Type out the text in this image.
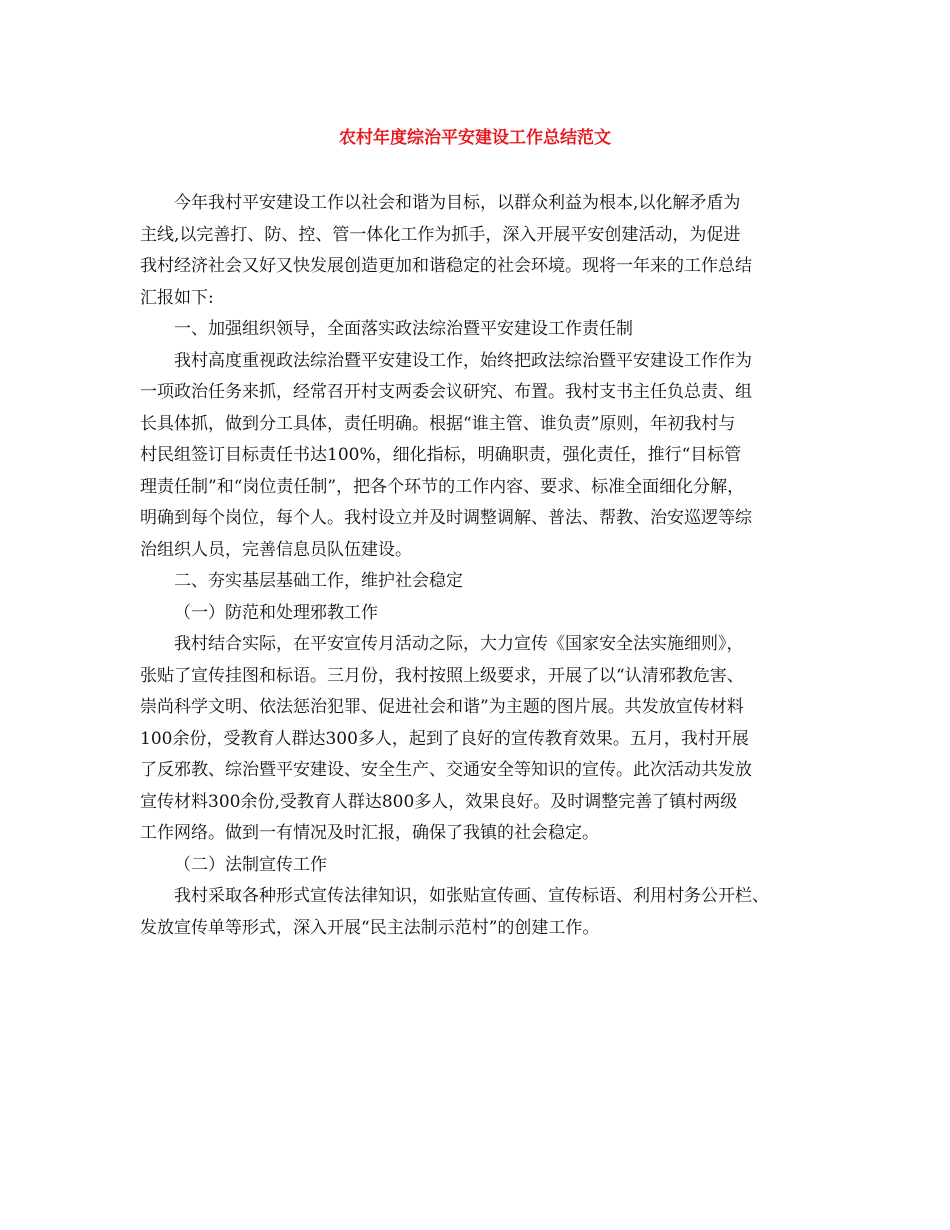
农村年度综治平安建设工作总结范文
今年我村平安建设工作以社会和谐为目标，以群众利益为根本,以化解矛盾为
主线,以完善打、防、控、管一体化工作为抓手，深入开展平安创建活动，为促进
我村经济社会又好又快发展创造更加和谐稳定的社会环境。现将一年来的工作总结
汇报如下:
一、加强组织领导，全面落实政法综治暨平安建设工作责任制
我村高度重视政法综治暨平安建设工作，始终把政法综治暨平安建设工作作为
一项政治任务来抓，经常召开村支两委会议研究、布置。我村支书主任负总责、组
长具体抓，做到分工具体，责任明确。根据“谁主管、谁负责”原则，年初我村与
村民组签订目标责任书达100%，细化指标，明确职责，强化责任，推行“目标管
理责任制”和“岗位责任制”，把各个环节的工作内容、要求、标准全面细化分解，
明确到每个岗位，每个人。我村设立并及时调整调解、普法、帮教、治安巡逻等综
治组织人员，完善信息员队伍建设。
二、夯实基层基础工作，维护社会稳定
（一）防范和处理邪教工作
我村结合实际，在平安宣传月活动之际，大力宣传《国家安全法实施细则》，
张贴了宣传挂图和标语。三月份，我村按照上级要求，开展了以“认清邪教危害、
崇尚科学文明、依法惩治犯罪、促进社会和谐”为主题的图片展。共发放宣传材料
100余份，受教育人群达300多人，起到了良好的宣传教育效果。五月，我村开展
了反邪教、综治暨平安建设、安全生产、交通安全等知识的宣传。此次活动共发放
宣传材料300余份,受教育人群达800多人，效果良好。及时调整完善了镇村两级
工作网络。做到一有情况及时汇报，确保了我镇的社会稳定。
（二）法制宣传工作
我村采取各种形式宣传法律知识，如张贴宣传画、宣传标语、利用村务公开栏、
发放宣传单等形式，深入开展“民主法制示范村”的创建工作。
